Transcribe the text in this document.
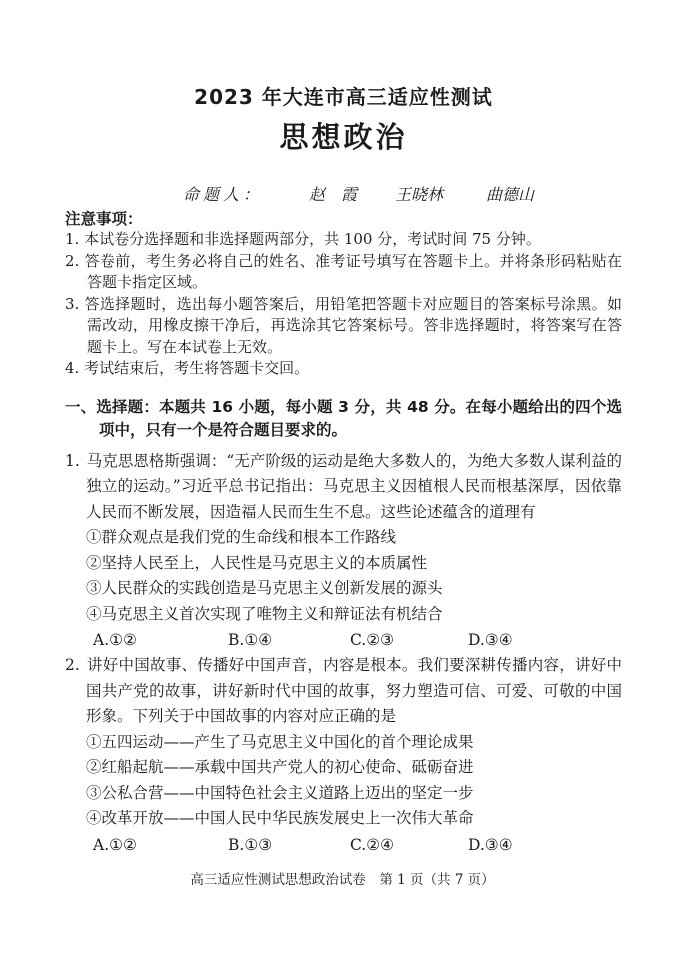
2023 年大连市高三适应性测试
思想政治
命题人：	赵　霞 王晓林	曲德山
注意事项：
1. 本试卷分选择题和非选择题两部分，共 100 分，考试时间 75 分钟。
2. 答卷前，考生务必将自己的姓名、准考证号填写在答题卡上。并将条形码粘贴在答题卡指定区域。
3. 答选择题时，选出每小题答案后，用铅笔把答题卡对应题目的答案标号涂黑。如需改动，用橡皮擦干净后，再选涂其它答案标号。答非选择题时，将答案写在答题卡上。写在本试卷上无效。
4. 考试结束后，考生将答题卡交回。
一、选择题：本题共 16 小题，每小题 3 分，共 48 分。在每小题给出的四个选项中，只有一个是符合题目要求的。
1. 马克思恩格斯强调：“无产阶级的运动是绝大多数人的，为绝大多数人谋利益的独立的运动。”习近平总书记指出：马克思主义因植根人民而根基深厚，因依靠人民而不断发展，因造福人民而生生不息。这些论述蕴含的道理有
①群众观点是我们党的生命线和根本工作路线
②坚持人民至上，人民性是马克思主义的本质属性
③人民群众的实践创造是马克思主义创新发展的源头
④马克思主义首次实现了唯物主义和辩证法有机结合
A.①②	B.①④	C.②③	D.③④
2. 讲好中国故事、传播好中国声音，内容是根本。我们要深耕传播内容，讲好中国共产党的故事，讲好新时代中国的故事，努力塑造可信、可爱、可敬的中国形象。下列关于中国故事的内容对应正确的是
①五四运动——产生了马克思主义中国化的首个理论成果
②红船起航——承载中国共产党人的初心使命、砥砺奋进
③公私合营——中国特色社会主义道路上迈出的坚定一步
④改革开放——中国人民中华民族发展史上一次伟大革命
A.①②	B.①③	C.②④	D.③④
高三适应性测试思想政治试卷　第 1 页（共 7 页）
